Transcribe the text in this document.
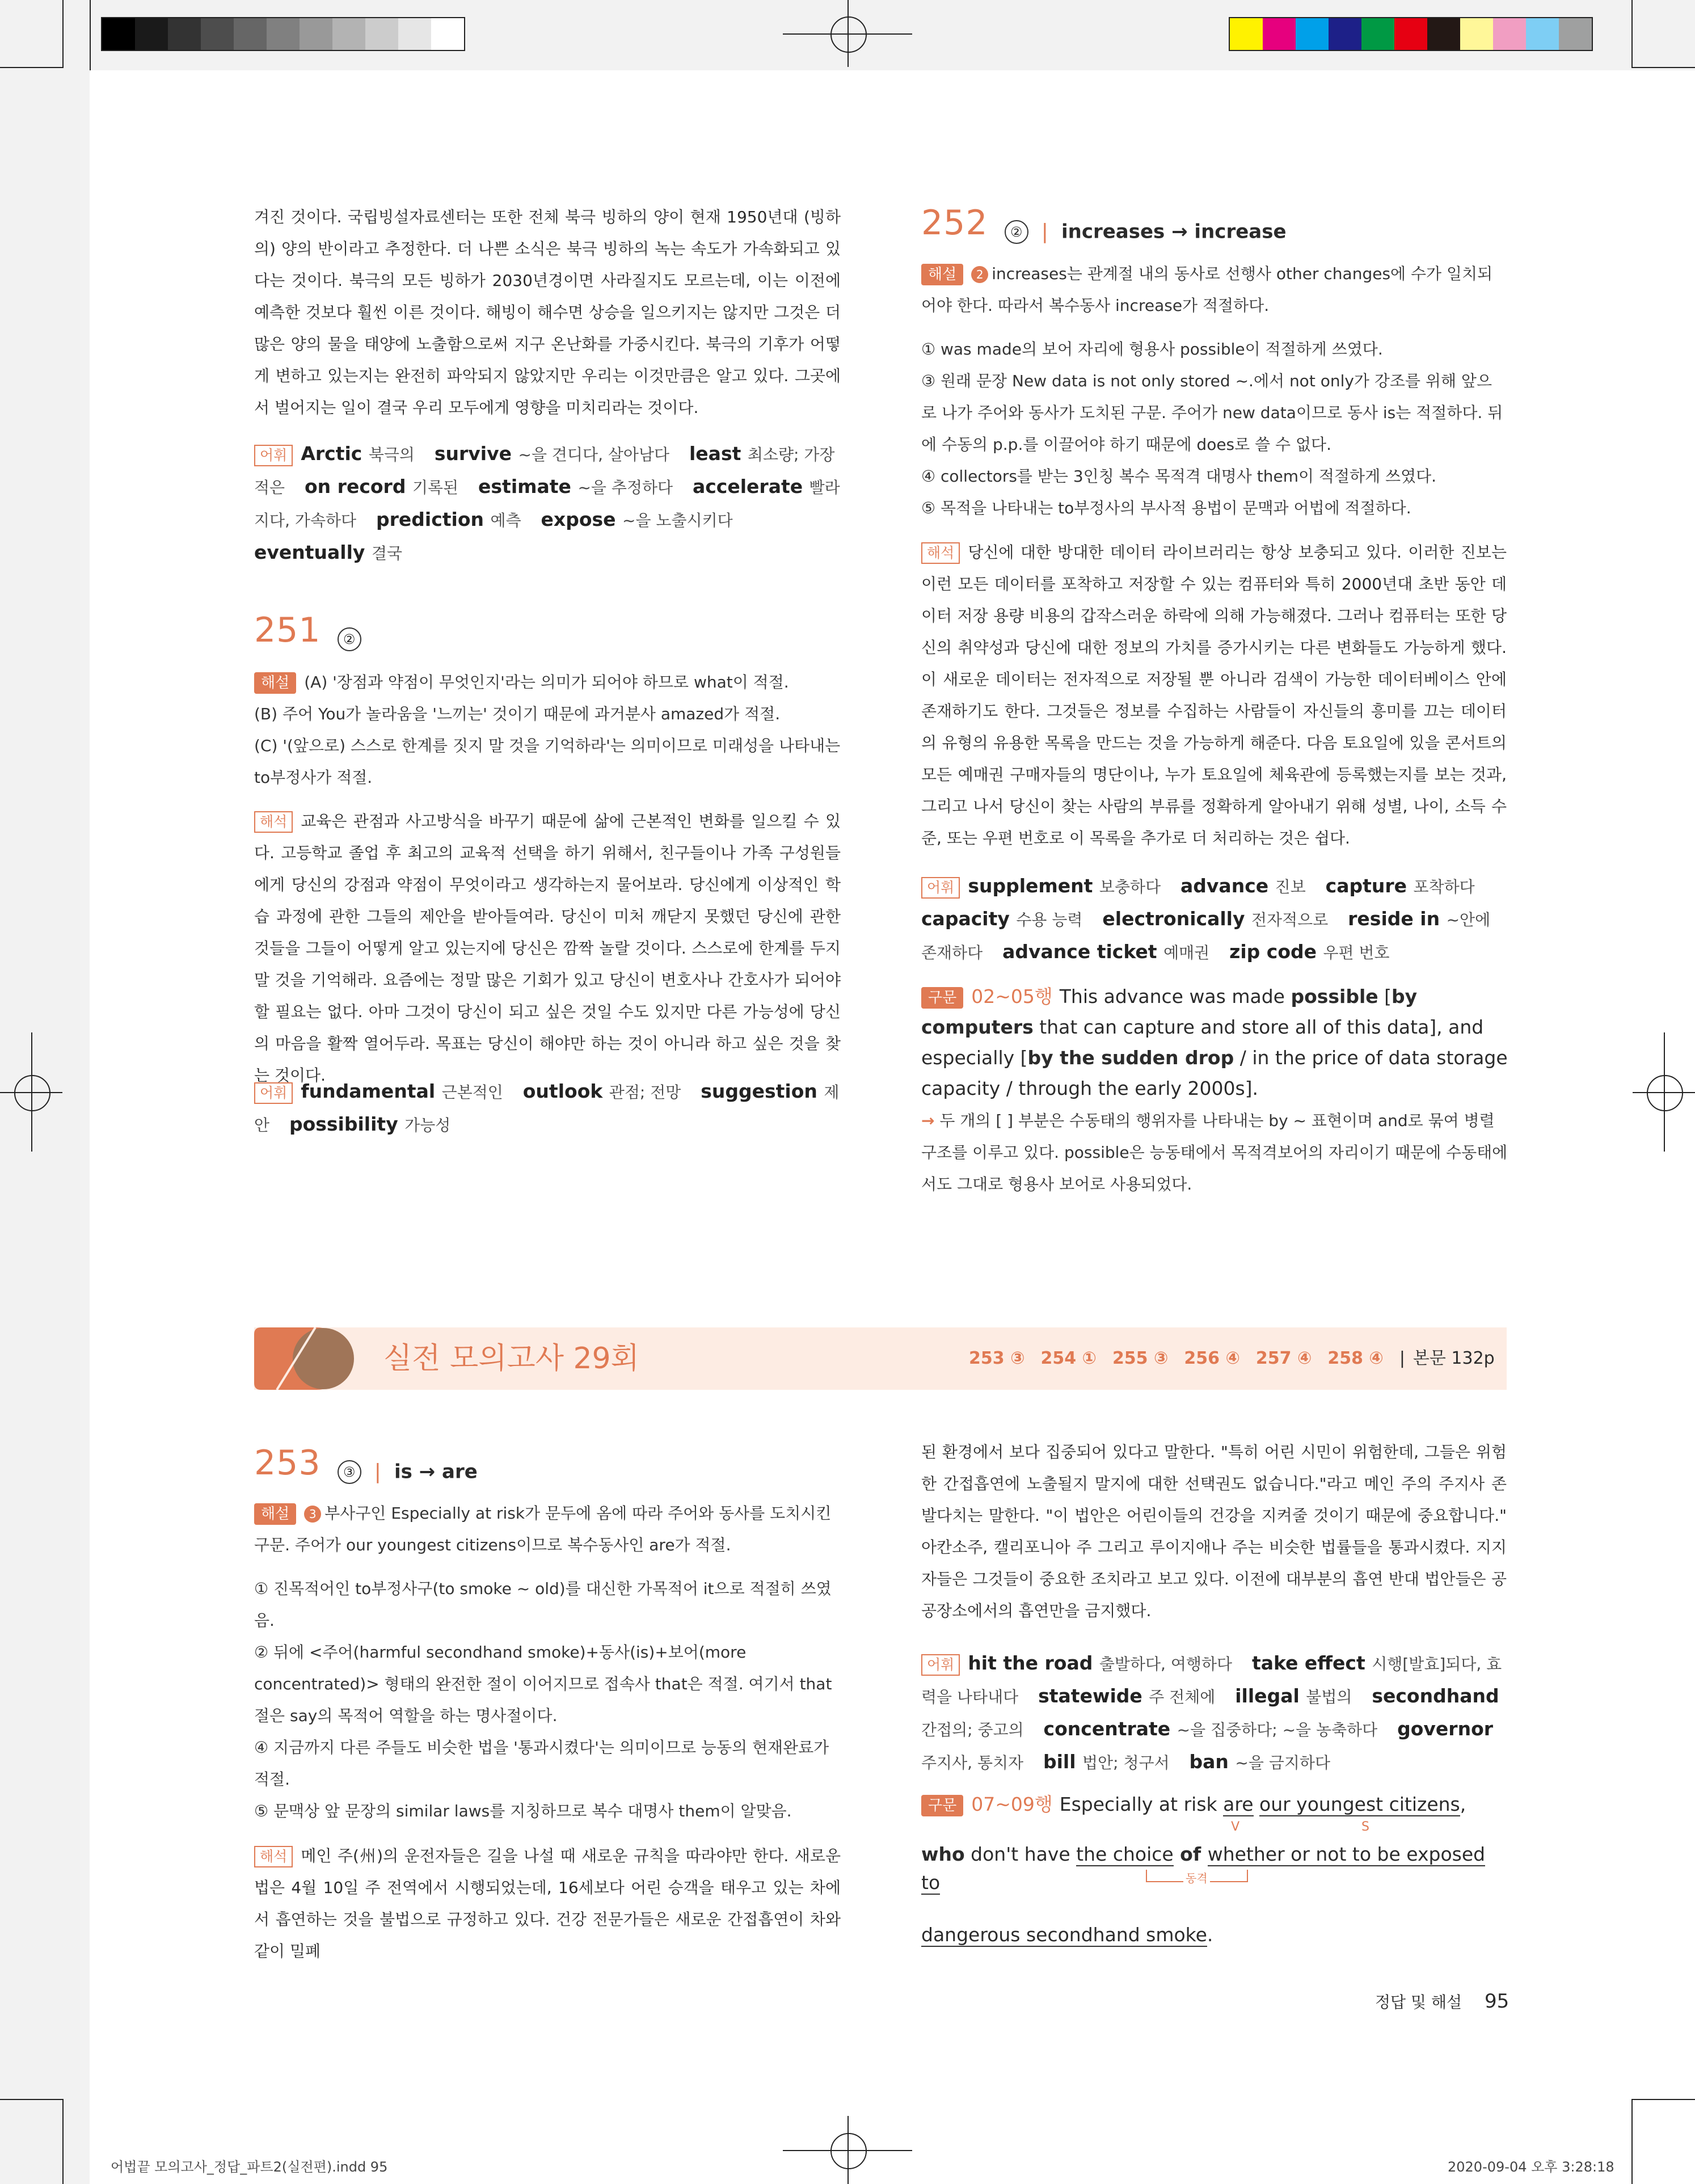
겨진 것이다. 국립빙설자료센터는 또한 전체 북극 빙하의 양이 현재 1950년대 (빙하의) 양의 반이라고 추정한다. 더 나쁜 소식은 북극 빙하의 녹는 속도가 가속화되고 있다는 것이다. 북극의 모든 빙하가 2030년경이면 사라질지도 모르는데, 이는 이전에 예측한 것보다 훨씬 이른 것이다. 해빙이 해수면 상승을 일으키지는 않지만 그것은 더 많은 양의 물을 태양에 노출함으로써 지구 온난화를 가중시킨다. 북극의 기후가 어떻게 변하고 있는지는 완전히 파악되지 않았지만 우리는 이것만큼은 알고 있다. 그곳에서 벌어지는 일이 결국 우리 모두에게 영향을 미치리라는 것이다.
어휘 Arctic 북극의 survive ~을 견디다, 살아남다 least 최소량; 가장 적은 on record 기록된 estimate ~을 추정하다 accelerate 빨라지다, 가속하다 prediction 예측 expose ~을 노출시키다 eventually 결국
251 ②
해설 (A) '장점과 약점이 무엇인지'라는 의미가 되어야 하므로 what이 적절.
(B) 주어 You가 놀라움을 '느끼는' 것이기 때문에 과거분사 amazed가 적절.
(C) '(앞으로) 스스로 한계를 짓지 말 것을 기억하라'는 의미이므로 미래성을 나타내는 to부정사가 적절.
해석 교육은 관점과 사고방식을 바꾸기 때문에 삶에 근본적인 변화를 일으킬 수 있다. 고등학교 졸업 후 최고의 교육적 선택을 하기 위해서, 친구들이나 가족 구성원들에게 당신의 강점과 약점이 무엇이라고 생각하는지 물어보라. 당신에게 이상적인 학습 과정에 관한 그들의 제안을 받아들여라. 당신이 미처 깨닫지 못했던 당신에 관한 것들을 그들이 어떻게 알고 있는지에 당신은 깜짝 놀랄 것이다. 스스로에 한계를 두지 말 것을 기억해라. 요즘에는 정말 많은 기회가 있고 당신이 변호사나 간호사가 되어야 할 필요는 없다. 아마 그것이 당신이 되고 싶은 것일 수도 있지만 다른 가능성에 당신의 마음을 활짝 열어두라. 목표는 당신이 해야만 하는 것이 아니라 하고 싶은 것을 찾는 것이다.
어휘 fundamental 근본적인 outlook 관점; 전망 suggestion 제안 possibility 가능성
252 ② | increases → increase
해설 2 increases는 관계절 내의 동사로 선행사 other changes에 수가 일치되어야 한다. 따라서 복수동사 increase가 적절하다.
① was made의 보어 자리에 형용사 possible이 적절하게 쓰였다.
③ 원래 문장 New data is not only stored ~.에서 not only가 강조를 위해 앞으로 나가 주어와 동사가 도치된 구문. 주어가 new data이므로 동사 is는 적절하다. 뒤에 수동의 p.p.를 이끌어야 하기 때문에 does로 쓸 수 없다.
④ collectors를 받는 3인칭 복수 목적격 대명사 them이 적절하게 쓰였다.
⑤ 목적을 나타내는 to부정사의 부사적 용법이 문맥과 어법에 적절하다.
해석 당신에 대한 방대한 데이터 라이브러리는 항상 보충되고 있다. 이러한 진보는 이런 모든 데이터를 포착하고 저장할 수 있는 컴퓨터와 특히 2000년대 초반 동안 데이터 저장 용량 비용의 갑작스러운 하락에 의해 가능해졌다. 그러나 컴퓨터는 또한 당신의 취약성과 당신에 대한 정보의 가치를 증가시키는 다른 변화들도 가능하게 했다. 이 새로운 데이터는 전자적으로 저장될 뿐 아니라 검색이 가능한 데이터베이스 안에 존재하기도 한다. 그것들은 정보를 수집하는 사람들이 자신들의 흥미를 끄는 데이터의 유형의 유용한 목록을 만드는 것을 가능하게 해준다. 다음 토요일에 있을 콘서트의 모든 예매권 구매자들의 명단이나, 누가 토요일에 체육관에 등록했는지를 보는 것과, 그리고 나서 당신이 찾는 사람의 부류를 정확하게 알아내기 위해 성별, 나이, 소득 수준, 또는 우편 번호로 이 목록을 추가로 더 처리하는 것은 쉽다.
어휘 supplement 보충하다 advance 진보 capture 포착하다 capacity 수용 능력 electronically 전자적으로 reside in ~안에 존재하다 advance ticket 예매권 zip code 우편 번호
구문 02~05행 This advance was made possible [by computers that can capture and store all of this data], and especially [by the sudden drop / in the price of data storage capacity / through the early 2000s].
→ 두 개의 [ ] 부분은 수동태의 행위자를 나타내는 by ~ 표현이며 and로 묶여 병렬구조를 이루고 있다. possible은 능동태에서 목적격보어의 자리이기 때문에 수동태에서도 그대로 형용사 보어로 사용되었다.
실전 모의고사 29회	253 ③ 254 ① 255 ③ 256 ④ 257 ④ 258 ④ | 본문 132p
253 ③ | is → are
해설 3 부사구인 Especially at risk가 문두에 옴에 따라 주어와 동사를 도치시킨 구문. 주어가 our youngest citizens이므로 복수동사인 are가 적절.
① 진목적어인 to부정사구(to smoke ~ old)를 대신한 가목적어 it으로 적절히 쓰였음.
② 뒤에 <주어(harmful secondhand smoke)+동사(is)+보어(more concentrated)> 형태의 완전한 절이 이어지므로 접속사 that은 적절. 여기서 that절은 say의 목적어 역할을 하는 명사절이다.
④ 지금까지 다른 주들도 비슷한 법을 '통과시켰다'는 의미이므로 능동의 현재완료가 적절.
⑤ 문맥상 앞 문장의 similar laws를 지칭하므로 복수 대명사 them이 알맞음.
해석 메인 주(州)의 운전자들은 길을 나설 때 새로운 규칙을 따라야만 한다. 새로운 법은 4월 10일 주 전역에서 시행되었는데, 16세보다 어린 승객을 태우고 있는 차에서 흡연하는 것을 불법으로 규정하고 있다. 건강 전문가들은 새로운 간접흡연이 차와 같이 밀폐
된 환경에서 보다 집중되어 있다고 말한다. "특히 어린 시민이 위험한데, 그들은 위험한 간접흡연에 노출될지 말지에 대한 선택권도 없습니다."라고 메인 주의 주지사 존 발다치는 말한다. "이 법안은 어린이들의 건강을 지켜줄 것이기 때문에 중요합니다." 아칸소주, 캘리포니아 주 그리고 루이지애나 주는 비슷한 법률들을 통과시켰다. 지지자들은 그것들이 중요한 조치라고 보고 있다. 이전에 대부분의 흡연 반대 법안들은 공공장소에서의 흡연만을 금지했다.
어휘 hit the road 출발하다, 여행하다 take effect 시행[발효]되다, 효력을 나타내다 statewide 주 전체에 illegal 불법의 secondhand 간접의; 중고의 concentrate ~을 집중하다; ~을 농축하다 governor 주지사, 통치자 bill 법안; 청구서 ban ~을 금지하다
구문 07~09행 Especially at risk are
V
our youngest citizens
S
,
who don't have the choice of whether or not to be exposed to	동격
dangerous secondhand smoke.
정답 및 해설 95
어법끝 모의고사_정답_파트2(실전편).indd 95	2020-09-04 오후 3:28:18
